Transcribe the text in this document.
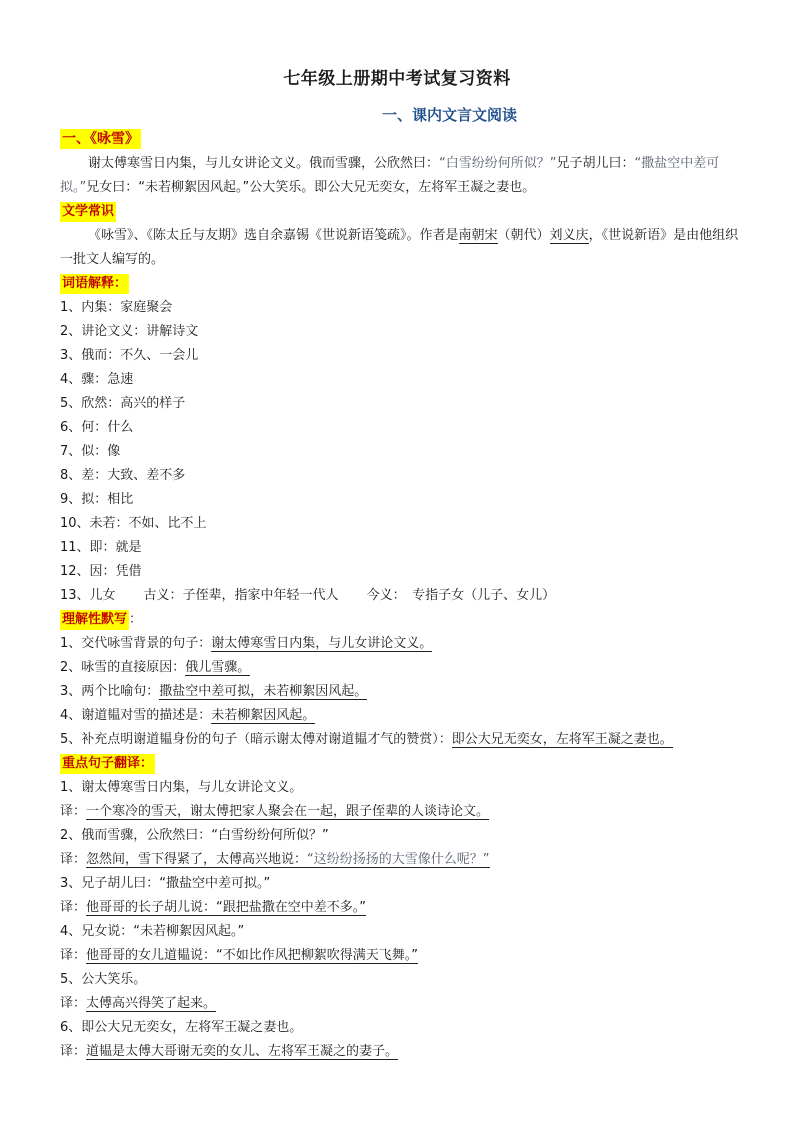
七年级上册期中考试复习资料
一、课内文言文阅读
一、《咏雪》

谢太傅寒雪日内集，与儿女讲论文义。俄而雪骤，公欣然曰：“白雪纷纷何所似？”兄子胡儿曰：“撒盐空中差可拟。”兄女曰：“未若柳絮因风起。”公大笑乐。即公大兄无奕女，左将军王凝之妻也。

文学常识

《咏雪》、《陈太丘与友期》选自余嘉锡《世说新语笺疏》。作者是南朝宋（朝代）刘义庆，《世说新语》是由他组织一批文人编写的。

词语解释：
1、内集：家庭聚会
2、讲论文义：讲解诗文
3、俄而：不久、一会儿
4、骤：急速
5、欣然：高兴的样子
6、何：什么
7、似：像
8、差：大致、差不多
9、拟：相比
10、未若：不如、比不上
11、即：就是
12、因：凭借
13、儿女 古义：子侄辈，指家中年轻一代人 今义：　专指子女（儿子、女儿）
理解性默写 ：
1、交代咏雪背景的句子：谢太傅寒雪日内集，与儿女讲论文义。
2、咏雪的直接原因：俄儿雪骤。
3、两个比喻句：撒盐空中差可拟，未若柳絮因风起。
4、谢道韫对雪的描述是：未若柳絮因风起。
5、补充点明谢道韫身份的句子（暗示谢太傅对谢道韫才气的赞赏）：即公大兄无奕女，左将军王凝之妻也。
重点句子翻译：
1、谢太傅寒雪日内集，与儿女讲论文义。
译：一个寒冷的雪天，谢太傅把家人聚会在一起，跟子侄辈的人谈诗论文。
2、俄而雪骤，公欣然曰：“白雪纷纷何所似？”
译：忽然间，雪下得紧了，太傅高兴地说：“这纷纷扬扬的大雪像什么呢？”
3、兄子胡儿曰：“撒盐空中差可拟。”
译：他哥哥的长子胡儿说：“跟把盐撒在空中差不多。”
4、兄女说：“未若柳絮因风起。”
译：他哥哥的女儿道韫说：“不如比作风把柳絮吹得满天飞舞。”
5、公大笑乐。
译：太傅高兴得笑了起来。
6、即公大兄无奕女，左将军王凝之妻也。
译：道韫是太傅大哥谢无奕的女儿、左将军王凝之的妻子。
